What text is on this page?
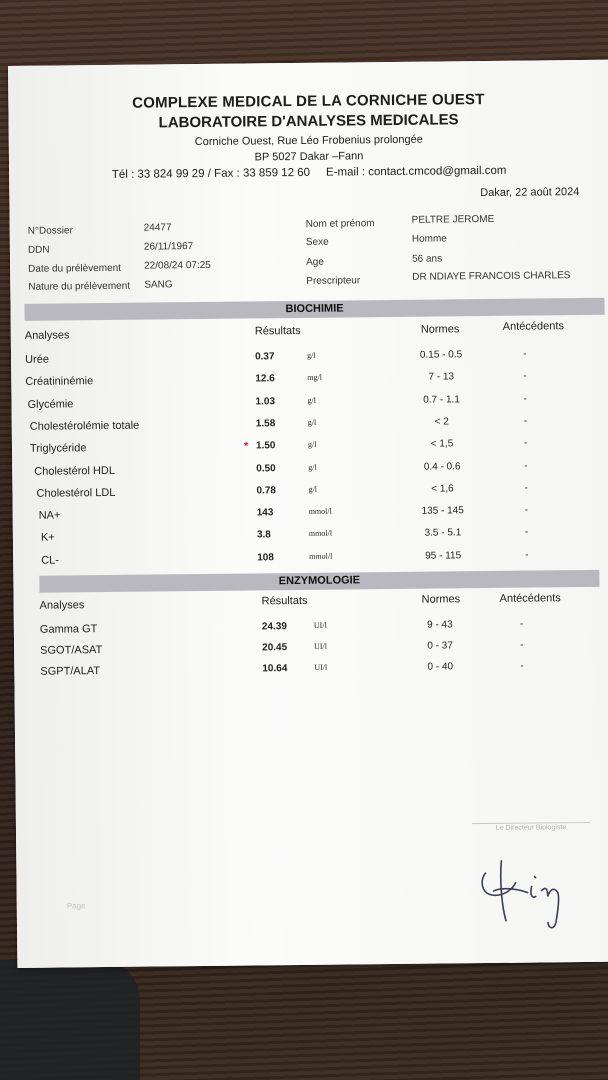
COMPLEXE MEDICAL DE LA CORNICHE OUEST
LABORATOIRE D'ANALYSES MEDICALES
Corniche Ouest, Rue Léo Frobenius prolongée
BP 5027 Dakar –Fann
Tél : 33 824 99 29 / Fax : 33 859 12 60     E-mail : contact.cmcod@gmail.com
Dakar, 22 août 2024
N°Dossier	24477
DDN	26/11/1967
Date du prélèvement 22/08/24 07:25
Nature du prélèvement SANG
Nom et prénom	PELTRE JEROME
Sexe	Homme
Age	56 ans
Prescripteur	DR NDIAYE FRANCOIS CHARLES
BIOCHIMIE
Analyses	Résultats	Normes	Antécédents
Urée	0.37	g/l	0.15 - 0.5	-
Créatininémie	12.6	mg/l	7 - 13	-
Glycémie	1.03	g/l	0.7 - 1.1	-
Cholestérolémie totale	1.58	g/l	< 2	-
Triglycéride	* 1.50	g/l	< 1,5	-
Cholestérol HDL	0.50	g/l	0.4 - 0.6	-
Cholestérol LDL	0.78	g/l	< 1,6	-
NA+	143	mmol/l	135 - 145	-
K+	3.8	mmol/l	3.5 - 5.1	-
CL-	108	mmol/l	95 - 115	-
ENZYMOLOGIE
Analyses	Résultats	Normes	Antécédents
Gamma GT	24.39	UI/l	9 - 43	-
SGOT/ASAT	20.45	UI/l	0 - 37	-
SGPT/ALAT	10.64	UI/l	0 - 40	-
Le Directeur Biologiste
Page
